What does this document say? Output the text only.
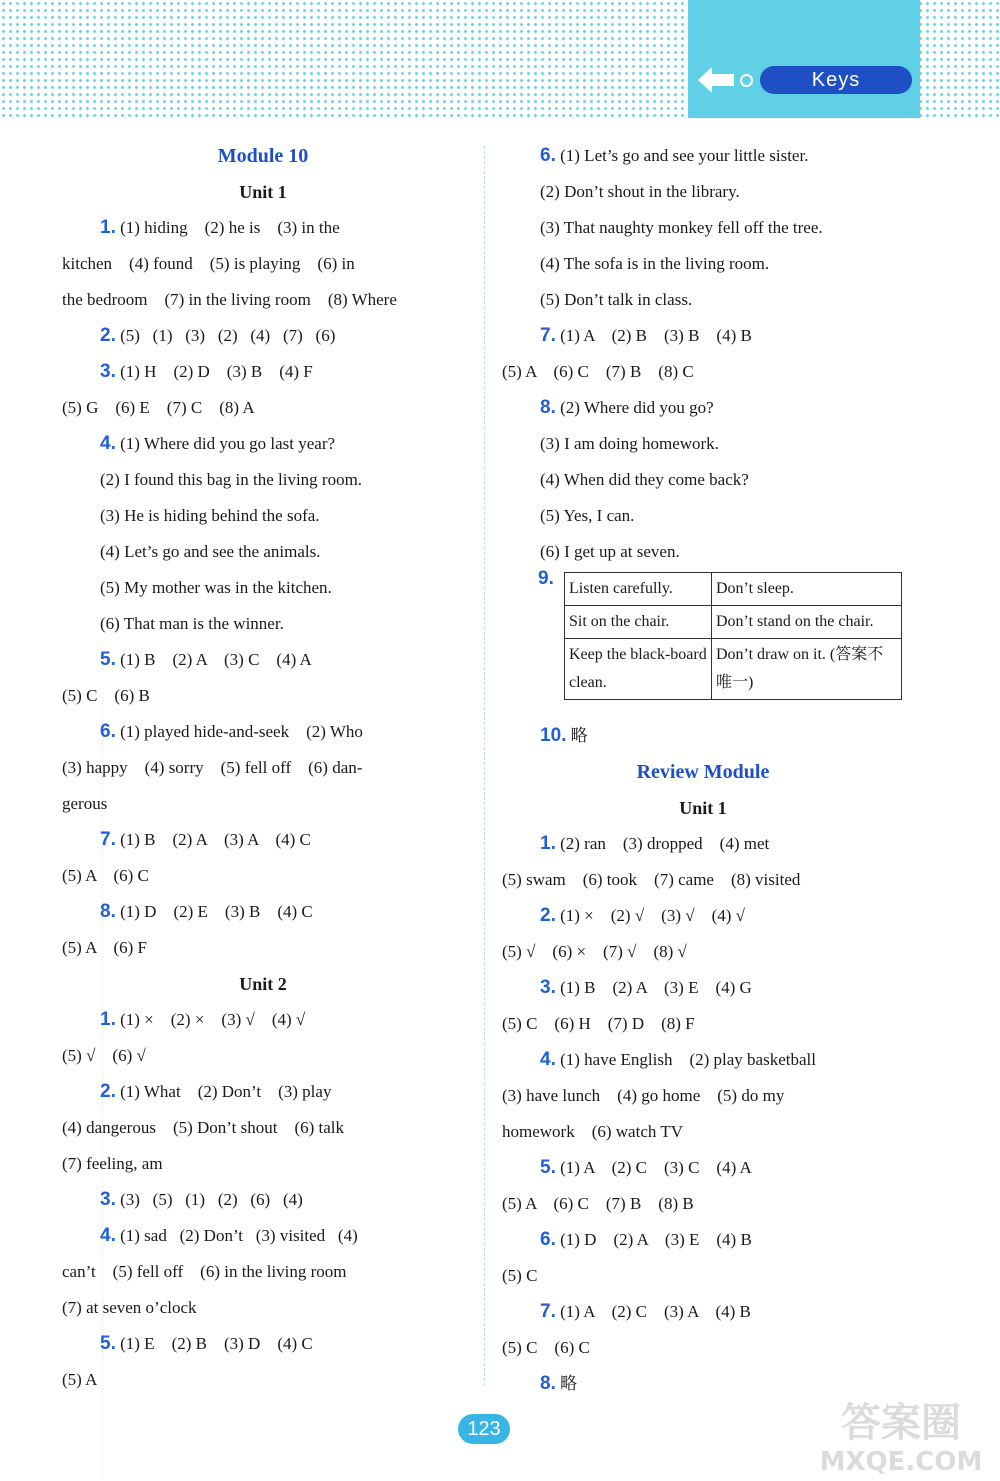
Keys
Module 10
Unit 1
1. (1) hiding    (2) he is    (3) in the
kitchen    (4) found    (5) is playing    (6) in
the bedroom    (7) in the living room    (8) Where
2. (5)   (1)   (3)   (2)   (4)   (7)   (6)
3. (1) H    (2) D    (3) B    (4) F
(5) G    (6) E    (7) C    (8) A
4. (1) Where did you go last year?
(2) I found this bag in the living room.
(3) He is hiding behind the sofa.
(4) Let’s go and see the animals.
(5) My mother was in the kitchen.
(6) That man is the winner.
5. (1) B    (2) A    (3) C    (4) A
(5) C    (6) B
6. (1) played hide-and-seek    (2) Who
(3) happy    (4) sorry    (5) fell off    (6) dan-
gerous
7. (1) B    (2) A    (3) A    (4) C
(5) A    (6) C
8. (1) D    (2) E    (3) B    (4) C
(5) A    (6) F
Unit 2
1. (1) ×    (2) ×    (3) √    (4) √
(5) √    (6) √
2. (1) What    (2) Don’t    (3) play
(4) dangerous    (5) Don’t shout    (6) talk
(7) feeling, am
3. (3)   (5)   (1)   (2)   (6)   (4)
4. (1) sad   (2) Don’t   (3) visited   (4)
can’t    (5) fell off    (6) in the living room
(7) at seven o’clock
5. (1) E    (2) B    (3) D    (4) C
(5) A
6. (1) Let’s go and see your little sister.
(2) Don’t shout in the library.
(3) That naughty monkey fell off the tree.
(4) The sofa is in the living room.
(5) Don’t talk in class.
7. (1) A    (2) B    (3) B    (4) B
(5) A    (6) C    (7) B    (8) C
8. (2) Where did you go?
(3) I am doing homework.
(4) When did they come back?
(5) Yes, I can.
(6) I get up at seven.
9. Listen carefully.	Don’t sleep.
Sit on the chair.	Don’t stand on the chair.
Keep the black-board clean.	Don’t draw on it. (答案不唯一)
10. 略
Review Module
Unit 1
1. (2) ran    (3) dropped    (4) met
(5) swam    (6) took    (7) came    (8) visited
2. (1) ×    (2) √    (3) √    (4) √
(5) √    (6) ×    (7) √    (8) √
3. (1) B    (2) A    (3) E    (4) G
(5) C    (6) H    (7) D    (8) F
4. (1) have English    (2) play basketball
(3) have lunch    (4) go home    (5) do my
homework    (6) watch TV
5. (1) A    (2) C    (3) C    (4) A
(5) A    (6) C    (7) B    (8) B
6. (1) D    (2) A    (3) E    (4) B
(5) C
7. (1) A    (2) C    (3) A    (4) B
(5) C    (6) C
8. 略
123	答案圈
MXQE.COM
